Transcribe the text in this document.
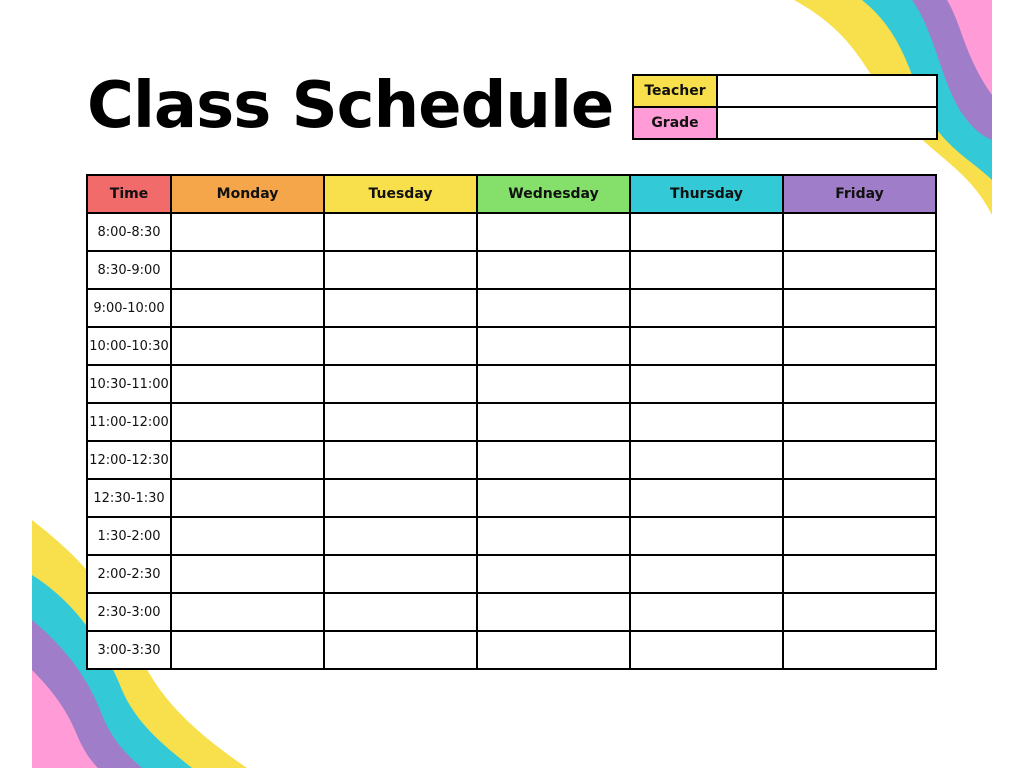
Class Schedule Teacher	
Grade	
Time	Monday	Tuesday	Wednesday	Thursday	Friday
8:00-8:30					
8:30-9:00					
9:00-10:00					
10:00-10:30					
10:30-11:00					
11:00-12:00					
12:00-12:30					
12:30-1:30					
1:30-2:00					
2:00-2:30					
2:30-3:00					
3:00-3:30					
